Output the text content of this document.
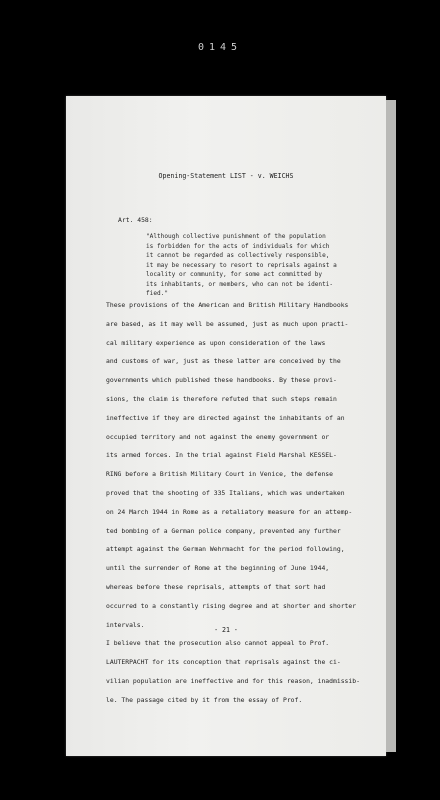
0145
Opening-Statement LIST - v. WEICHS
Art. 458:
"Although collective punishment of the population
is forbidden for the acts of individuals for which
it cannot be regarded as collectively responsible,
it may be necessary to resort to reprisals against a
locality or community, for some act committed by
its inhabitants, or members, who can not be identi-
fied."
These provisions of the American and British Military Handbooks
are based, as it may well be assumed, just as much upon practi-
cal military experience as upon consideration of the laws
and customs of war, just as these latter are conceived by the
governments which published these handbooks. By these provi-
sions, the claim is therefore refuted that such steps remain
ineffective if they are directed against the inhabitants of an
occupied territory and not against the enemy government or
its armed forces. In the trial against Field Marshal KESSEL-
RING before a British Military Court in Venice, the defense
proved that the shooting of 335 Italians, which was undertaken
on 24 March 1944 in Rome as a retaliatory measure for an attemp-
ted bombing of a German police company, prevented any further
attempt against the German Wehrmacht for the period following,
until the surrender of Rome at the beginning of June 1944,
whereas before these reprisals, attempts of that sort had
occurred to a constantly rising degree and at shorter and shorter
intervals.
I believe that the prosecution also cannot appeal to Prof.
LAUTERPACHT for its conception that reprisals against the ci-
vilian population are ineffective and for this reason, inadmissib-
le. The passage cited by it from the essay of Prof.
- 21 -
